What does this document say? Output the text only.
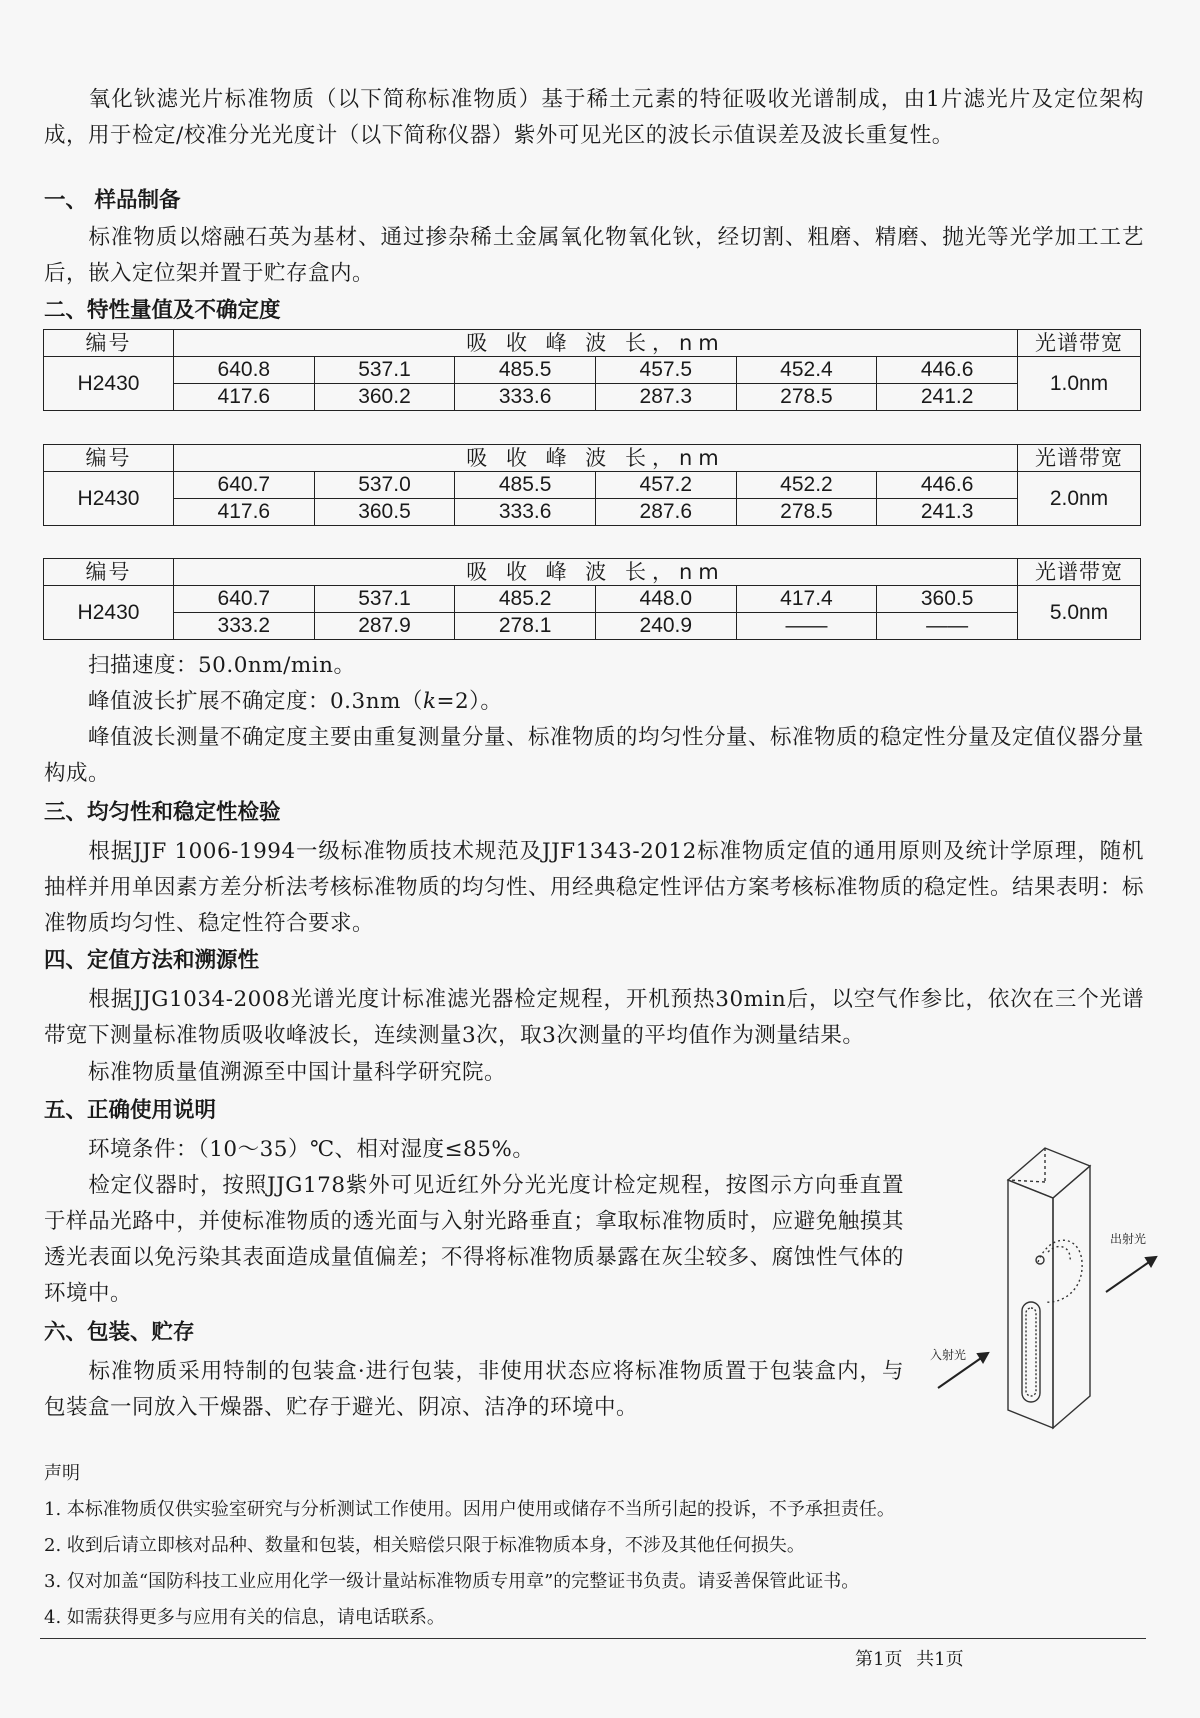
氧化钬滤光片标准物质（以下简称标准物质）基于稀土元素的特征吸收光谱制成，由1片滤光片及定位架构成，用于检定/校准分光光度计（以下简称仪器）紫外可见光区的波长示值误差及波长重复性。
一、 样品制备
标准物质以熔融石英为基材、通过掺杂稀土金属氧化物氧化钬，经切割、粗磨、精磨、抛光等光学加工工艺后，嵌入定位架并置于贮存盒内。
二、特性量值及不确定度
编号	吸 收 峰 波 长，nm						光谱带宽
H2430	640.8	537.1	485.5	457.5	452.4	446.6	1.0nm
	417.6	360.2	333.6	287.3	278.5	241.2	
编号	吸 收 峰 波 长，nm						光谱带宽
H2430	640.7	537.0	485.5	457.2	452.2	446.6	2.0nm
	417.6	360.5	333.6	287.6	278.5	241.3	
编号	吸 收 峰 波 长，nm						光谱带宽
H2430	640.7	537.1	485.2	448.0	417.4	360.5	5.0nm
	333.2	287.9	278.1	240.9	——	——	
扫描速度：50.0nm/min。
峰值波长扩展不确定度：0.3nm（k=2）。
峰值波长测量不确定度主要由重复测量分量、标准物质的均匀性分量、标准物质的稳定性分量及定值仪器分量构成。
三、均匀性和稳定性检验
根据JJF 1006-1994一级标准物质技术规范及JJF1343-2012标准物质定值的通用原则及统计学原理，随机抽样并用单因素方差分析法考核标准物质的均匀性、用经典稳定性评估方案考核标准物质的稳定性。结果表明：标准物质均匀性、稳定性符合要求。
四、定值方法和溯源性
根据JJG1034-2008光谱光度计标准滤光器检定规程，开机预热30min后，以空气作参比，依次在三个光谱带宽下测量标准物质吸收峰波长，连续测量3次，取3次测量的平均值作为测量结果。
标准物质量值溯源至中国计量科学研究院。
五、正确使用说明
环境条件：（10～35）℃、相对湿度≤85%。
检定仪器时，按照JJG178紫外可见近红外分光光度计检定规程，按图示方向垂直置于样品光路中，并使标准物质的透光面与入射光路垂直；拿取标准物质时，应避免触摸其透光表面以免污染其表面造成量值偏差；不得将标准物质暴露在灰尘较多、腐蚀性气体的环境中。
六、包装、贮存
标准物质采用特制的包装盒·进行包装，非使用状态应将标准物质置于包装盒内，与包装盒一同放入干燥器、贮存于避光、阴凉、洁净的环境中。
出射光
入射光
声明
1. 本标准物质仅供实验室研究与分析测试工作使用。因用户使用或储存不当所引起的投诉，不予承担责任。
2. 收到后请立即核对品种、数量和包装，相关赔偿只限于标准物质本身，不涉及其他任何损失。
3. 仅对加盖“国防科技工业应用化学一级计量站标准物质专用章”的完整证书负责。请妥善保管此证书。
4. 如需获得更多与应用有关的信息，请电话联系。
第1页 共1页
